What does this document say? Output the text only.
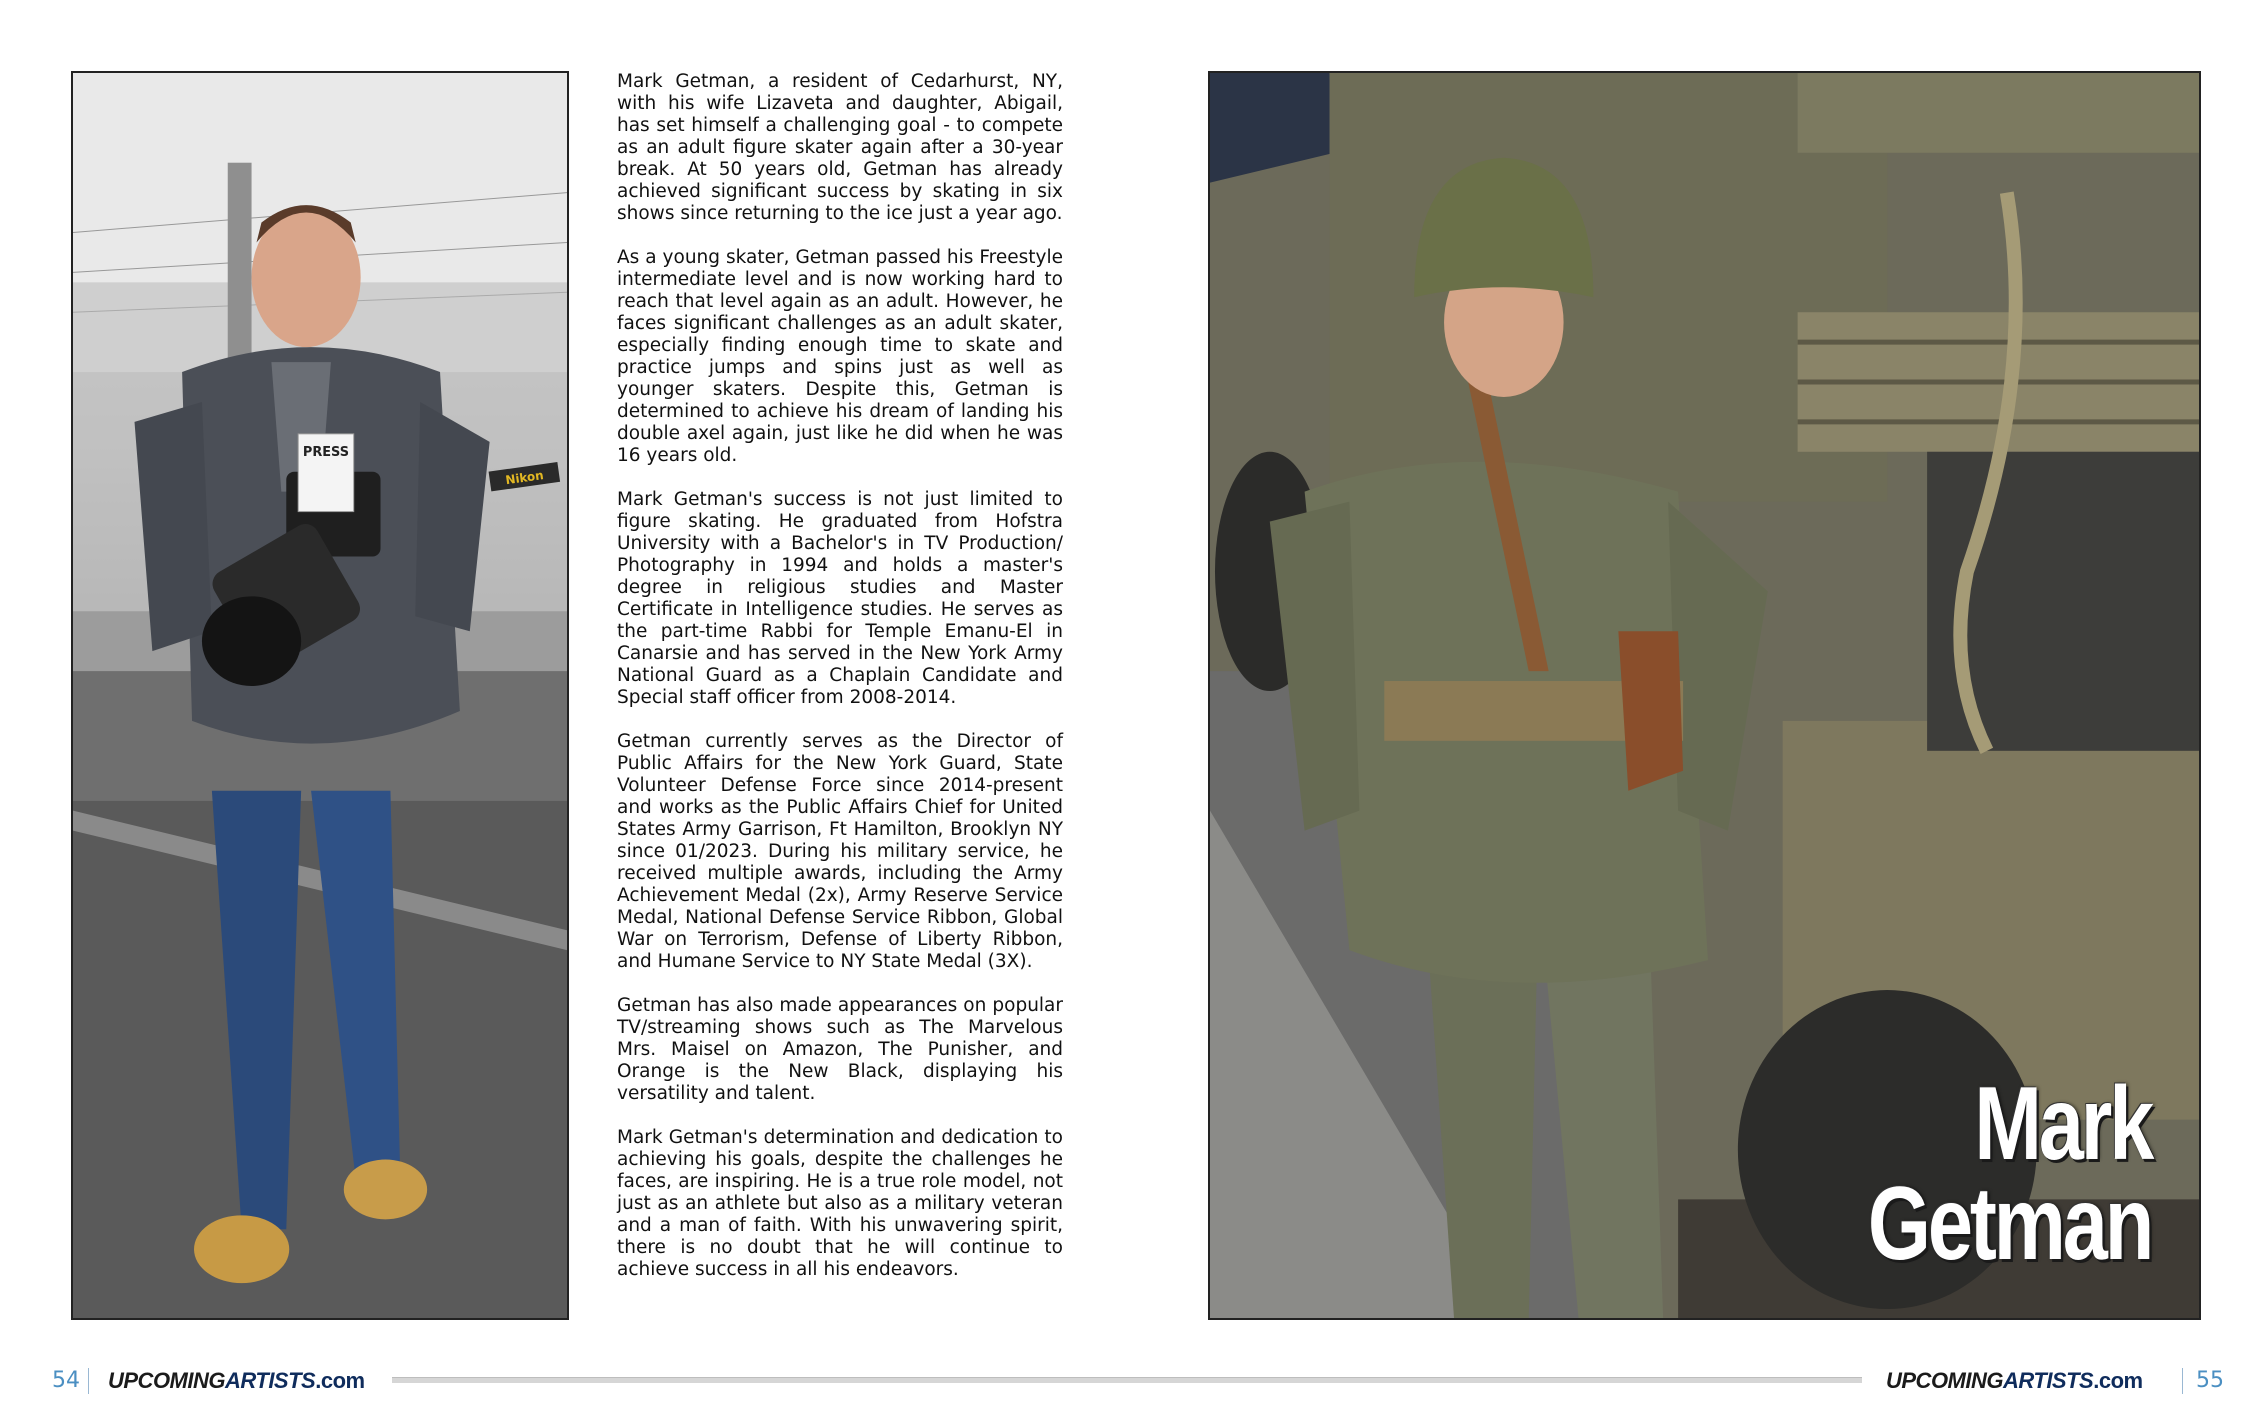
PRESS
Nikon

Mark Getman, a resident of Cedarhurst, NY, with his wife Lizaveta and daughter, Abigail, has set himself a challenging goal - to compete as an adult figure skater again after a 30-year break. At 50 years old, Getman has already achieved significant success by skating in six shows since returning to the ice just a year ago.

As a young skater, Getman passed his Freestyle intermediate level and is now working hard to reach that level again as an adult. However, he faces significant challenges as an adult skater, especially finding enough time to skate and practice jumps and spins just as well as younger skaters. Despite this, Getman is determined to achieve his dream of landing his double axel again, just like he did when he was 16 years old.

Mark Getman's success is not just limited to figure skating. He graduated from Hofstra University with a Bachelor's in TV Production/ Photography in 1994 and holds a master's degree in religious studies and Master Certificate in Intelligence studies. He serves as the part-time Rabbi for Temple Emanu-El in Canarsie and has served in the New York Army National Guard as a Chaplain Candidate and Special staff officer from 2008-2014.

Getman currently serves as the Director of Public Affairs for the New York Guard, State Volunteer Defense Force since 2014-present and works as the Public Affairs Chief for United States Army Garrison, Ft Hamilton, Brooklyn NY since 01/2023. During his military service, he received multiple awards, including the Army Achievement Medal (2x), Army Reserve Service Medal, National Defense Service Ribbon, Global War on Terrorism, Defense of Liberty Ribbon, and Humane Service to NY State Medal (3X).

Getman has also made appearances on popular TV/streaming shows such as The Marvelous Mrs. Maisel on Amazon, The Punisher, and Orange is the New Black, displaying his versatility and talent.

Mark Getman's determination and dedication to achieving his goals, despite the challenges he faces, are inspiring. He is a true role model, not just as an athlete but also as a military veteran and a man of faith. With his unwavering spirit, there is no doubt that he will continue to achieve success in all his endeavors.

Mark
Getman
54 UPCOMINGARTISTS.com	UPCOMINGARTISTS.com 55
